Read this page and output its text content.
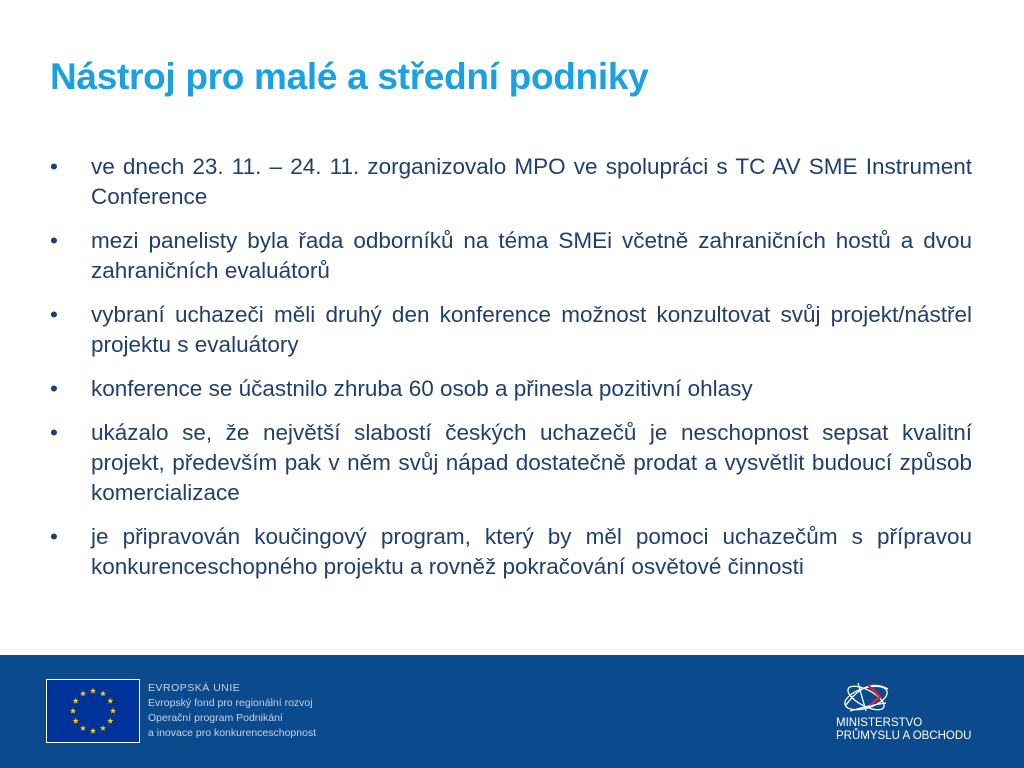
Nástroj pro malé a střední podniky
• ve dnech 23. 11. – 24. 11. zorganizovalo MPO ve spolupráci s TC AV SME Instrument Conference
• mezi panelisty byla řada odborníků na téma SMEi včetně zahraničních hostů a dvou zahraničních evaluátorů
• vybraní uchazeči měli druhý den konference možnost konzultovat svůj projekt/nástřel projektu s evaluátory
• konference se účastnilo zhruba 60 osob a přinesla pozitivní ohlasy
• ukázalo se, že největší slabostí českých uchazečů je neschopnost sepsat kvalitní projekt, především pak v něm svůj nápad dostatečně prodat a vysvětlit budoucí způsob komercializace
• je připravován koučingový program, který by měl pomoci uchazečům s přípravou konkurenceschopného projektu a rovněž pokračování osvětové činnosti
EVROPSKÁ UNIE
Evropský fond pro regionální rozvoj
Operační program Podnikání
a inovace pro konkurenceschopnost
MINISTERSTVO
PRŮMYSLU A OBCHODU
